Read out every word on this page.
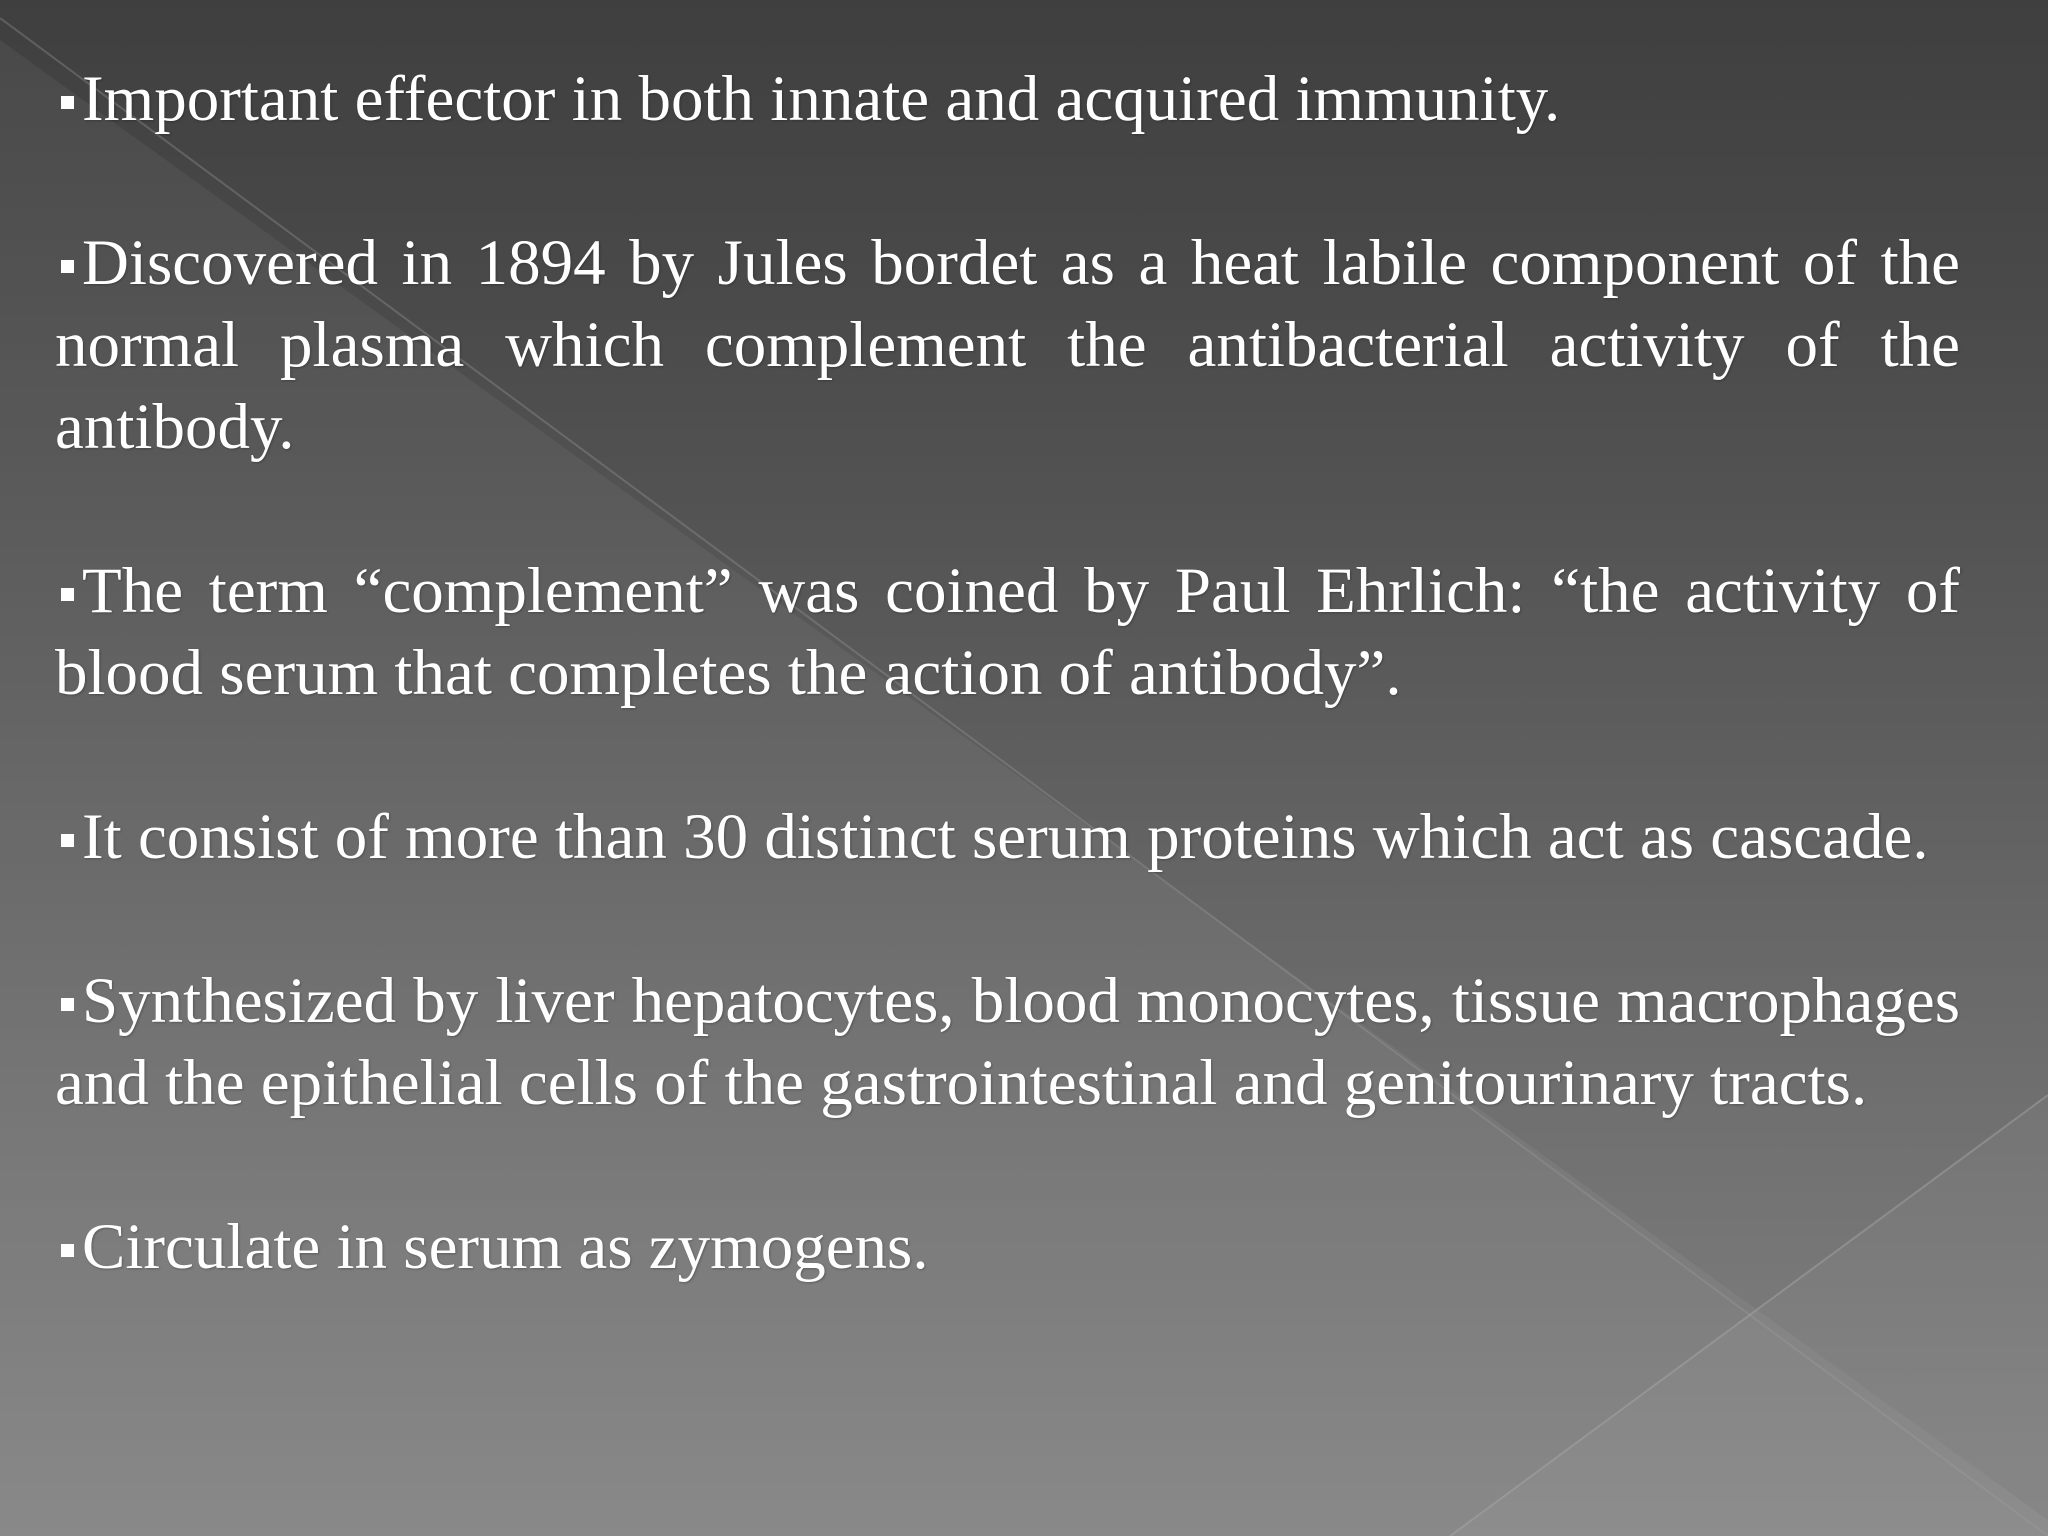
Important effector in both innate and acquired immunity.

Discovered in 1894 by Jules bordet as a heat labile component of the normal plasma which complement the antibacterial activity of the antibody.

The term “complement” was coined by Paul Ehrlich: “the activity of blood serum that completes the action of antibody”.

It consist of more than 30 distinct serum proteins which act as cascade.

Synthesized by liver hepatocytes, blood monocytes, tissue macrophages and the epithelial cells of the gastrointestinal and genitourinary tracts.

Circulate in serum as zymogens.
